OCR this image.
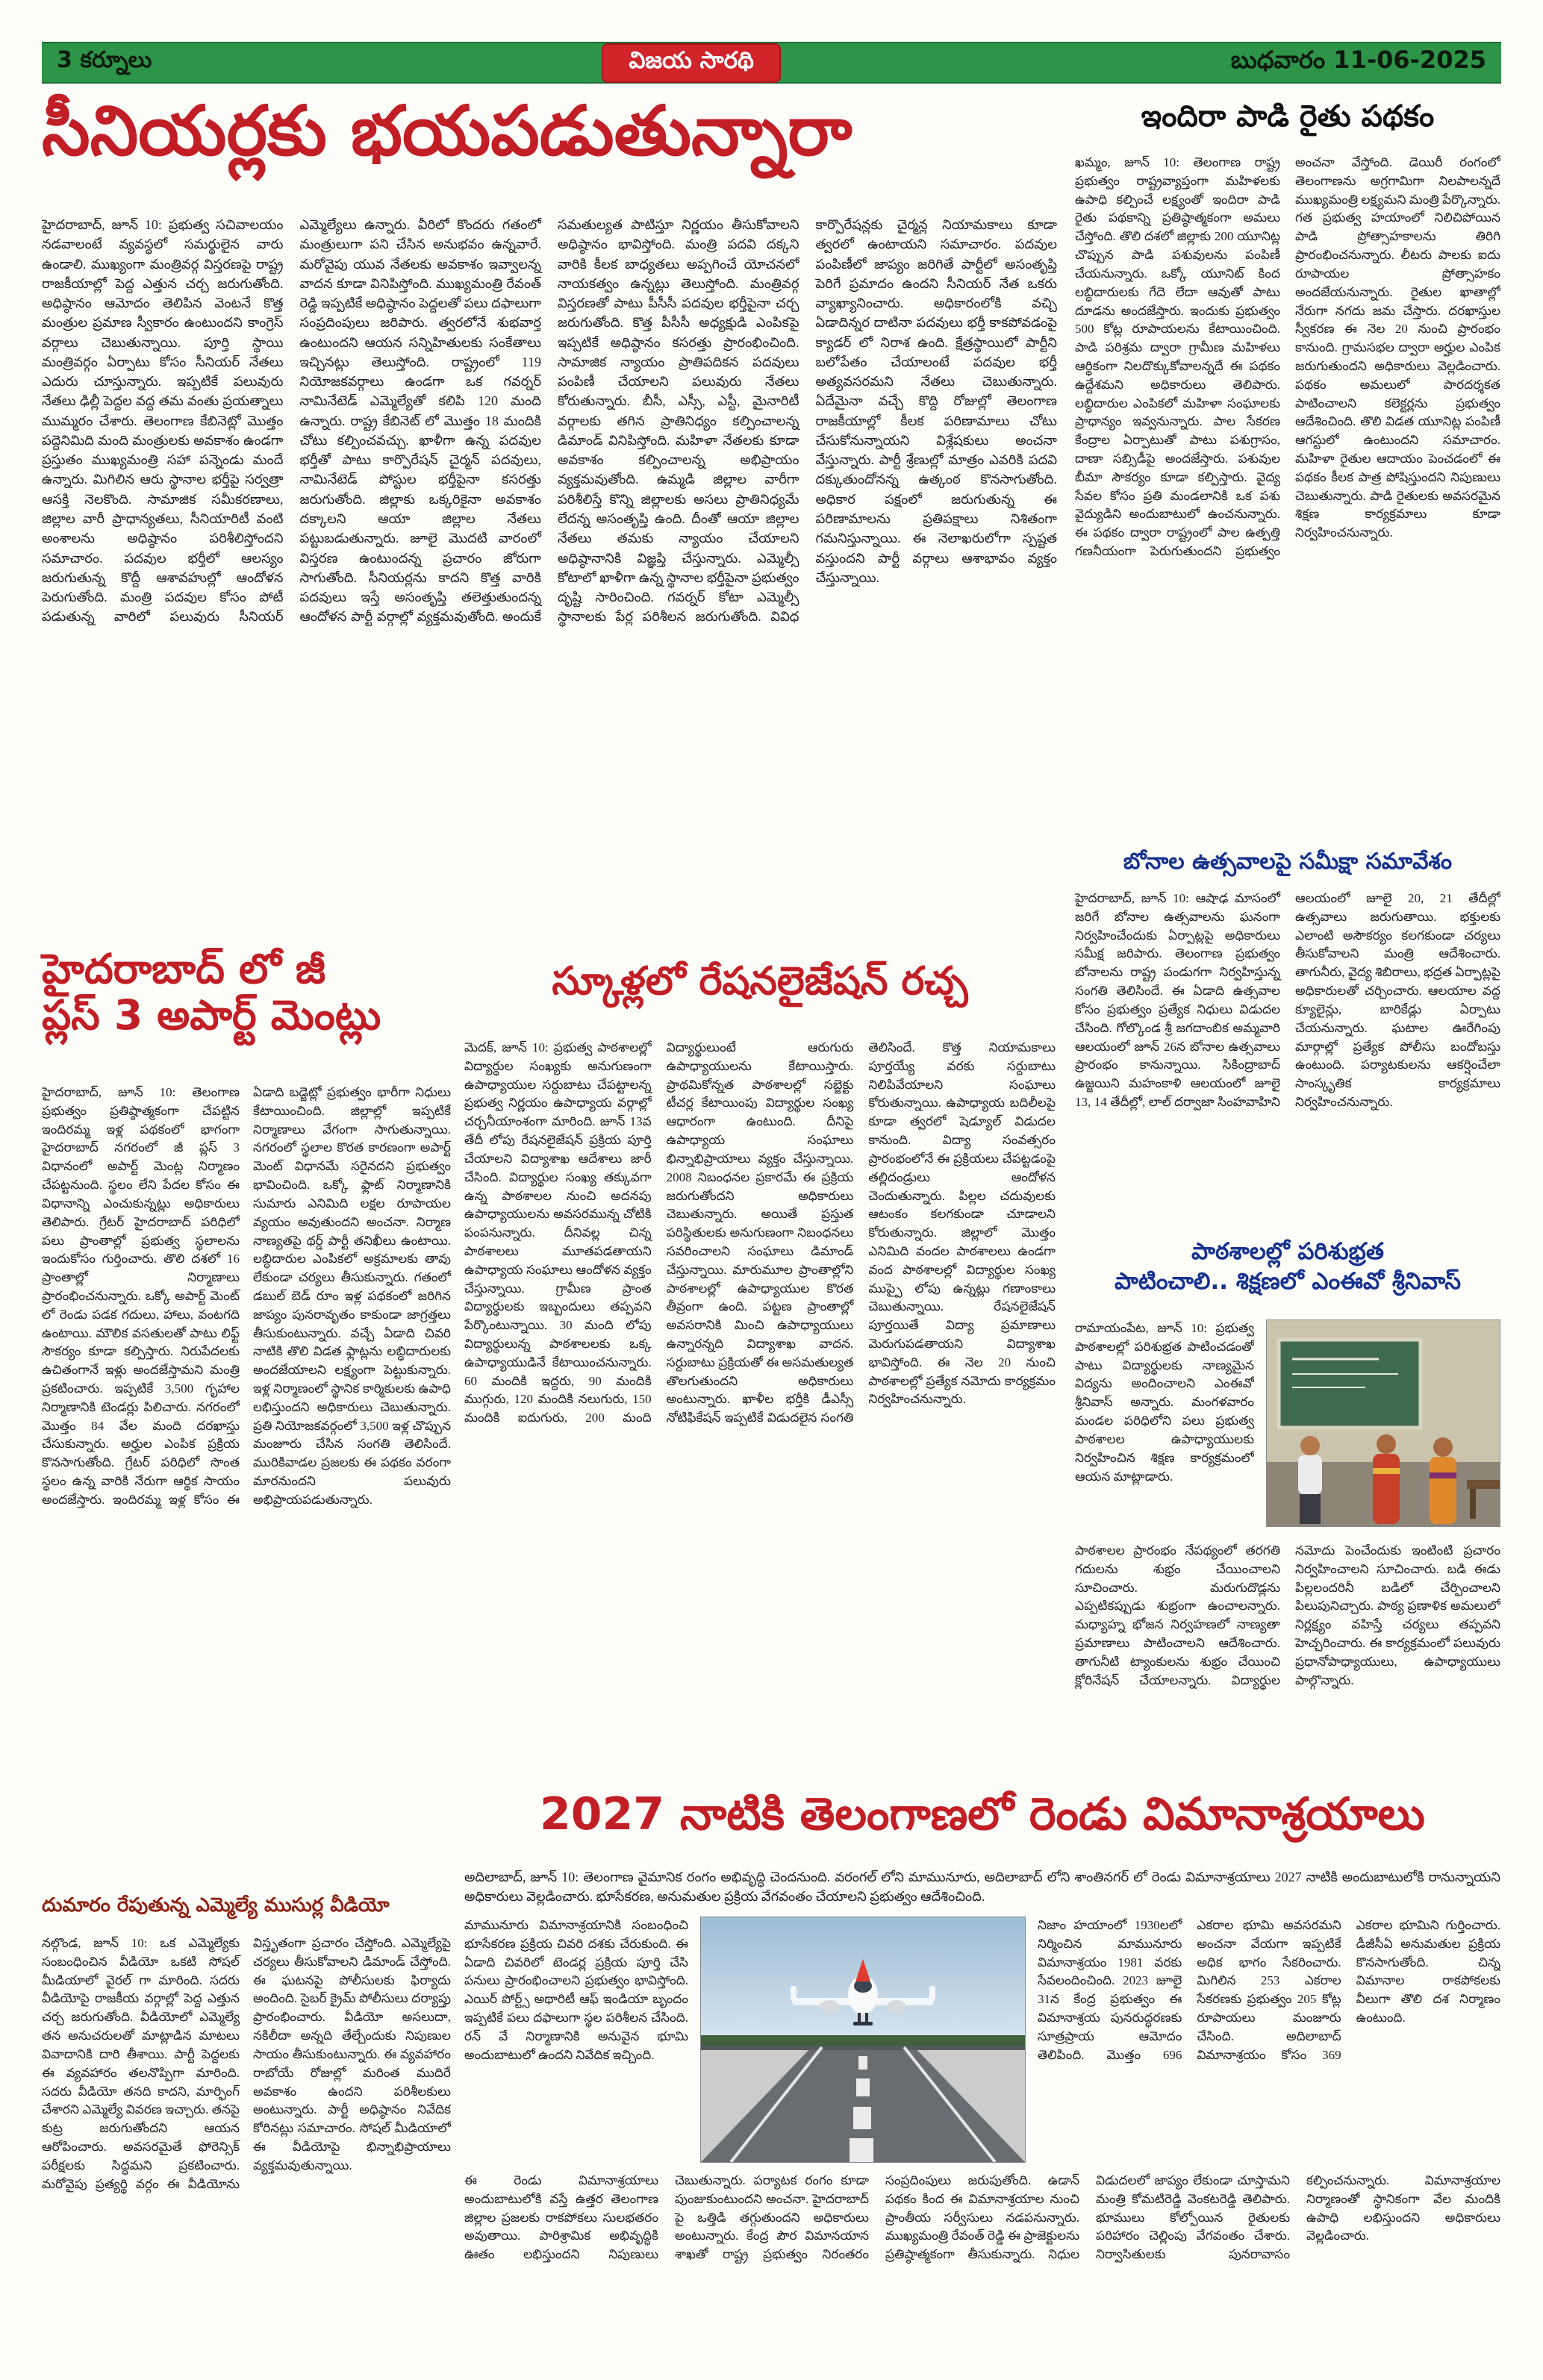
3 కర్నూలు	విజయ సారథి	బుధవారం 11-06-2025
సీనియర్లకు భయపడుతున్నారా
హైదరాబాద్, జూన్ 10: ప్రభుత్వ సచివాలయం నడవాలంటే వ్యవస్థలో సమర్థులైన వారు ఉండాలి. ముఖ్యంగా మంత్రివర్గ విస్తరణపై రాష్ట్ర రాజకీయాల్లో పెద్ద ఎత్తున చర్చ జరుగుతోంది. అధిష్ఠానం ఆమోదం తెలిపిన వెంటనే కొత్త మంత్రుల ప్రమాణ స్వీకారం ఉంటుందని కాంగ్రెస్ వర్గాలు చెబుతున్నాయి. పూర్తి స్థాయి మంత్రివర్గం ఏర్పాటు కోసం సీనియర్ నేతలు ఎదురు చూస్తున్నారు. ఇప్పటికే పలువురు నేతలు ఢిల్లీ పెద్దల వద్ద తమ వంతు ప్రయత్నాలు ముమ్మరం చేశారు. తెలంగాణ కేబినెట్లో మొత్తం పద్దెనిమిది మంది మంత్రులకు అవకాశం ఉండగా ప్రస్తుతం ముఖ్యమంత్రి సహా పన్నెండు మందే ఉన్నారు. మిగిలిన ఆరు స్థానాల భర్తీపై సర్వత్రా ఆసక్తి నెలకొంది. సామాజిక సమీకరణాలు, జిల్లాల వారీ ప్రాధాన్యతలు, సీనియారిటీ వంటి అంశాలను అధిష్ఠానం పరిశీలిస్తోందని సమాచారం. పదవుల భర్తీలో ఆలస్యం జరుగుతున్న కొద్దీ ఆశావహుల్లో ఆందోళన పెరుగుతోంది. మంత్రి పదవుల కోసం పోటీ పడుతున్న వారిలో పలువురు సీనియర్ ఎమ్మెల్యేలు ఉన్నారు. వీరిలో కొందరు గతంలో మంత్రులుగా పని చేసిన అనుభవం ఉన్నవారే. మరోవైపు యువ నేతలకు అవకాశం ఇవ్వాలన్న వాదన కూడా వినిపిస్తోంది. ముఖ్యమంత్రి రేవంత్ రెడ్డి ఇప్పటికే అధిష్ఠానం పెద్దలతో పలు దఫాలుగా సంప్రదింపులు జరిపారు. త్వరలోనే శుభవార్త ఉంటుందని ఆయన సన్నిహితులకు సంకేతాలు ఇచ్చినట్లు తెలుస్తోంది. రాష్ట్రంలో 119 నియోజకవర్గాలు ఉండగా ఒక గవర్నర్ నామినేటెడ్ ఎమ్మెల్యేతో కలిపి 120 మంది ఉన్నారు. రాష్ట్ర కేబినెట్ లో మొత్తం 18 మందికి చోటు కల్పించవచ్చు. ఖాళీగా ఉన్న పదవుల భర్తీతో పాటు కార్పొరేషన్ చైర్మన్ పదవులు, నామినేటెడ్ పోస్టుల భర్తీపైనా కసరత్తు జరుగుతోంది. జిల్లాకు ఒక్కరికైనా అవకాశం దక్కాలని ఆయా జిల్లాల నేతలు పట్టుబడుతున్నారు. జూలై మొదటి వారంలో విస్తరణ ఉంటుందన్న ప్రచారం జోరుగా సాగుతోంది. సీనియర్లను కాదని కొత్త వారికి పదవులు ఇస్తే అసంతృప్తి తలెత్తుతుందన్న ఆందోళన పార్టీ వర్గాల్లో వ్యక్తమవుతోంది. అందుకే సమతుల్యత పాటిస్తూ నిర్ణయం తీసుకోవాలని అధిష్ఠానం భావిస్తోంది. మంత్రి పదవి దక్కని వారికి కీలక బాధ్యతలు అప్పగించే యోచనలో నాయకత్వం ఉన్నట్లు తెలుస్తోంది. మంత్రివర్గ విస్తరణతో పాటు పీసీసీ పదవుల భర్తీపైనా చర్చ జరుగుతోంది. కొత్త పీసీసీ అధ్యక్షుడి ఎంపికపై ఇప్పటికే అధిష్ఠానం కసరత్తు ప్రారంభించింది. సామాజిక న్యాయం ప్రాతిపదికన పదవులు పంపిణీ చేయాలని పలువురు నేతలు కోరుతున్నారు. బీసీ, ఎస్సీ, ఎస్టీ, మైనారిటీ వర్గాలకు తగిన ప్రాతినిధ్యం కల్పించాలన్న డిమాండ్ వినిపిస్తోంది. మహిళా నేతలకు కూడా అవకాశం కల్పించాలన్న అభిప్రాయం వ్యక్తమవుతోంది. ఉమ్మడి జిల్లాల వారీగా పరిశీలిస్తే కొన్ని జిల్లాలకు అసలు ప్రాతినిధ్యమే లేదన్న అసంతృప్తి ఉంది. దీంతో ఆయా జిల్లాల నేతలు తమకు న్యాయం చేయాలని అధిష్ఠానానికి విజ్ఞప్తి చేస్తున్నారు. ఎమ్మెల్సీ కోటాలో ఖాళీగా ఉన్న స్థానాల భర్తీపైనా ప్రభుత్వం దృష్టి సారించింది. గవర్నర్ కోటా ఎమ్మెల్సీ స్థానాలకు పేర్ల పరిశీలన జరుగుతోంది. వివిధ కార్పొరేషన్లకు చైర్మన్ల నియామకాలు కూడా త్వరలో ఉంటాయని సమాచారం. పదవుల పంపిణీలో జాప్యం జరిగితే పార్టీలో అసంతృప్తి పెరిగే ప్రమాదం ఉందని సీనియర్ నేత ఒకరు వ్యాఖ్యానించారు. అధికారంలోకి వచ్చి ఏడాదిన్నర దాటినా పదవులు భర్తీ కాకపోవడంపై క్యాడర్ లో నిరాశ ఉంది. క్షేత్రస్థాయిలో పార్టీని బలోపేతం చేయాలంటే పదవుల భర్తీ అత్యవసరమని నేతలు చెబుతున్నారు. ఏదేమైనా వచ్చే కొద్ది రోజుల్లో తెలంగాణ రాజకీయాల్లో కీలక పరిణామాలు చోటు చేసుకోనున్నాయని విశ్లేషకులు అంచనా వేస్తున్నారు. పార్టీ శ్రేణుల్లో మాత్రం ఎవరికి పదవి దక్కుతుందోనన్న ఉత్కంఠ కొనసాగుతోంది. అధికార పక్షంలో జరుగుతున్న ఈ పరిణామాలను ప్రతిపక్షాలు నిశితంగా గమనిస్తున్నాయి. ఈ నెలాఖరులోగా స్పష్టత వస్తుందని పార్టీ వర్గాలు ఆశాభావం వ్యక్తం చేస్తున్నాయి.
ఇందిరా పాడి రైతు పథకం
ఖమ్మం, జూన్ 10: తెలంగాణ రాష్ట్ర ప్రభుత్వం రాష్ట్రవ్యాప్తంగా మహిళలకు ఉపాధి కల్పించే లక్ష్యంతో ఇందిరా పాడి రైతు పథకాన్ని ప్రతిష్ఠాత్మకంగా అమలు చేస్తోంది. తొలి దశలో జిల్లాకు 200 యూనిట్ల చొప్పున పాడి పశువులను పంపిణీ చేయనున్నారు. ఒక్కో యూనిట్ కింద లబ్ధిదారులకు గేదె లేదా ఆవుతో పాటు దూడను అందజేస్తారు. ఇందుకు ప్రభుత్వం 500 కోట్ల రూపాయలను కేటాయించింది. పాడి పరిశ్రమ ద్వారా గ్రామీణ మహిళలు ఆర్థికంగా నిలదొక్కుకోవాలన్నదే ఈ పథకం ఉద్దేశమని అధికారులు తెలిపారు. లబ్ధిదారుల ఎంపికలో మహిళా సంఘాలకు ప్రాధాన్యం ఇవ్వనున్నారు. పాల సేకరణ కేంద్రాల ఏర్పాటుతో పాటు పశుగ్రాసం, దాణా సబ్సిడీపై అందజేస్తారు. పశువుల బీమా సౌకర్యం కూడా కల్పిస్తారు. వైద్య సేవల కోసం ప్రతి మండలానికి ఒక పశు వైద్యుడిని అందుబాటులో ఉంచనున్నారు. ఈ పథకం ద్వారా రాష్ట్రంలో పాల ఉత్పత్తి గణనీయంగా పెరుగుతుందని ప్రభుత్వం అంచనా వేస్తోంది. డెయిరీ రంగంలో తెలంగాణను అగ్రగామిగా నిలపాలన్నదే ముఖ్యమంత్రి లక్ష్యమని మంత్రి పేర్కొన్నారు. గత ప్రభుత్వ హయాంలో నిలిచిపోయిన పాడి ప్రోత్సాహకాలను తిరిగి ప్రారంభించనున్నారు. లీటరు పాలకు ఐదు రూపాయల ప్రోత్సాహకం అందజేయనున్నారు. రైతుల ఖాతాల్లో నేరుగా నగదు జమ చేస్తారు. దరఖాస్తుల స్వీకరణ ఈ నెల 20 నుంచి ప్రారంభం కానుంది. గ్రామసభల ద్వారా అర్హుల ఎంపిక జరుగుతుందని అధికారులు వెల్లడించారు. పథకం అమలులో పారదర్శకత పాటించాలని కలెక్టర్లను ప్రభుత్వం ఆదేశించింది. తొలి విడత యూనిట్ల పంపిణీ ఆగస్టులో ఉంటుందని సమాచారం. మహిళా రైతుల ఆదాయం పెంచడంలో ఈ పథకం కీలక పాత్ర పోషిస్తుందని నిపుణులు చెబుతున్నారు. పాడి రైతులకు అవసరమైన శిక్షణ కార్యక్రమాలు కూడా నిర్వహించనున్నారు.
బోనాల ఉత్సవాలపై సమీక్షా సమావేశం
హైదరాబాద్, జూన్ 10: ఆషాఢ మాసంలో జరిగే బోనాల ఉత్సవాలను ఘనంగా నిర్వహించేందుకు ఏర్పాట్లపై అధికారులు సమీక్ష జరిపారు. తెలంగాణ ప్రభుత్వం బోనాలను రాష్ట్ర పండుగగా నిర్వహిస్తున్న సంగతి తెలిసిందే. ఈ ఏడాది ఉత్సవాల కోసం ప్రభుత్వం ప్రత్యేక నిధులు విడుదల చేసింది. గోల్కొండ శ్రీ జగదాంబిక అమ్మవారి ఆలయంలో జూన్ 26న బోనాల ఉత్సవాలు ప్రారంభం కానున్నాయి. సికింద్రాబాద్ ఉజ్జయిని మహంకాళి ఆలయంలో జూలై 13, 14 తేదీల్లో, లాల్ దర్వాజా సింహవాహిని ఆలయంలో జూలై 20, 21 తేదీల్లో ఉత్సవాలు జరుగుతాయి. భక్తులకు ఎలాంటి అసౌకర్యం కలగకుండా చర్యలు తీసుకోవాలని మంత్రి ఆదేశించారు. తాగునీరు, వైద్య శిబిరాలు, భద్రత ఏర్పాట్లపై అధికారులతో చర్చించారు. ఆలయాల వద్ద క్యూలైన్లు, బారికేడ్లు ఏర్పాటు చేయనున్నారు. ఘటాల ఊరేగింపు మార్గాల్లో ప్రత్యేక పోలీసు బందోబస్తు ఉంటుంది. పర్యాటకులను ఆకర్షించేలా సాంస్కృతిక కార్యక్రమాలు నిర్వహించనున్నారు.
పాఠశాలల్లో పరిశుభ్రత
పాటించాలి.. శిక్షణలో ఎంఈవో శ్రీనివాస్
రామాయంపేట, జూన్ 10: ప్రభుత్వ పాఠశాలల్లో పరిశుభ్రత పాటించడంతో పాటు విద్యార్థులకు నాణ్యమైన విద్యను అందించాలని ఎంఈవో శ్రీనివాస్ అన్నారు. మంగళవారం మండల పరిధిలోని పలు ప్రభుత్వ పాఠశాలల ఉపాధ్యాయులకు నిర్వహించిన శిక్షణ కార్యక్రమంలో ఆయన మాట్లాడారు.
పాఠశాలల ప్రారంభం నేపథ్యంలో తరగతి గదులను శుభ్రం చేయించాలని సూచించారు. మరుగుదొడ్లను ఎప్పటికప్పుడు శుభ్రంగా ఉంచాలన్నారు. మధ్యాహ్న భోజన నిర్వహణలో నాణ్యతా ప్రమాణాలు పాటించాలని ఆదేశించారు. తాగునీటి ట్యాంకులను శుభ్రం చేయించి క్లోరినేషన్ చేయాలన్నారు. విద్యార్థుల నమోదు పెంచేందుకు ఇంటింటి ప్రచారం నిర్వహించాలని సూచించారు. బడి ఈడు పిల్లలందరినీ బడిలో చేర్పించాలని పిలుపునిచ్చారు. పాఠ్య ప్రణాళిక అమలులో నిర్లక్ష్యం వహిస్తే చర్యలు తప్పవని హెచ్చరించారు. ఈ కార్యక్రమంలో పలువురు ప్రధానోపాధ్యాయులు, ఉపాధ్యాయులు పాల్గొన్నారు.
హైదరాబాద్ లో జీ
ప్లస్ 3 అపార్ట్ మెంట్లు
హైదరాబాద్, జూన్ 10: తెలంగాణ ప్రభుత్వం ప్రతిష్ఠాత్మకంగా చేపట్టిన ఇందిరమ్మ ఇళ్ల పథకంలో భాగంగా హైదరాబాద్ నగరంలో జీ ప్లస్ 3 విధానంలో అపార్ట్ మెంట్ల నిర్మాణం చేపట్టనుంది. స్థలం లేని పేదల కోసం ఈ విధానాన్ని ఎంచుకున్నట్లు అధికారులు తెలిపారు. గ్రేటర్ హైదరాబాద్ పరిధిలో పలు ప్రాంతాల్లో ప్రభుత్వ స్థలాలను ఇందుకోసం గుర్తించారు. తొలి దశలో 16 ప్రాంతాల్లో నిర్మాణాలు ప్రారంభించనున్నారు. ఒక్కో అపార్ట్ మెంట్ లో రెండు పడక గదులు, హాలు, వంటగది ఉంటాయి. మౌలిక వసతులతో పాటు లిఫ్ట్ సౌకర్యం కూడా కల్పిస్తారు. నిరుపేదలకు ఉచితంగానే ఇళ్లు అందజేస్తామని మంత్రి ప్రకటించారు. ఇప్పటికే 3,500 గృహాల నిర్మాణానికి టెండర్లు పిలిచారు. నగరంలో మొత్తం 84 వేల మంది దరఖాస్తు చేసుకున్నారు. అర్హుల ఎంపిక ప్రక్రియ కొనసాగుతోంది. గ్రేటర్ పరిధిలో సొంత స్థలం ఉన్న వారికి నేరుగా ఆర్థిక సాయం అందజేస్తారు. ఇందిరమ్మ ఇళ్ల కోసం ఈ ఏడాది బడ్జెట్లో ప్రభుత్వం భారీగా నిధులు కేటాయించింది. జిల్లాల్లో ఇప్పటికే నిర్మాణాలు వేగంగా సాగుతున్నాయి. నగరంలో స్థలాల కొరత కారణంగా అపార్ట్ మెంట్ విధానమే సరైనదని ప్రభుత్వం భావించింది. ఒక్కో ఫ్లాట్ నిర్మాణానికి సుమారు ఎనిమిది లక్షల రూపాయల వ్యయం అవుతుందని అంచనా. నిర్మాణ నాణ్యతపై థర్డ్ పార్టీ తనిఖీలు ఉంటాయి. లబ్ధిదారుల ఎంపికలో అక్రమాలకు తావు లేకుండా చర్యలు తీసుకున్నారు. గతంలో డబుల్ బెడ్ రూం ఇళ్ల పథకంలో జరిగిన జాప్యం పునరావృతం కాకుండా జాగ్రత్తలు తీసుకుంటున్నారు. వచ్చే ఏడాది చివరి నాటికి తొలి విడత ఫ్లాట్లను లబ్ధిదారులకు అందజేయాలని లక్ష్యంగా పెట్టుకున్నారు. ఇళ్ల నిర్మాణంలో స్థానిక కార్మికులకు ఉపాధి లభిస్తుందని అధికారులు చెబుతున్నారు. ప్రతి నియోజకవర్గంలో 3,500 ఇళ్ల చొప్పున మంజూరు చేసిన సంగతి తెలిసిందే. మురికివాడల ప్రజలకు ఈ పథకం వరంగా మారనుందని పలువురు అభిప్రాయపడుతున్నారు.
దుమారం రేపుతున్న ఎమ్మెల్యే ముసుర్ల వీడియో
నల్గొండ, జూన్ 10: ఒక ఎమ్మెల్యేకు సంబంధించిన వీడియో ఒకటి సోషల్ మీడియాలో వైరల్ గా మారింది. సదరు వీడియోపై రాజకీయ వర్గాల్లో పెద్ద ఎత్తున చర్చ జరుగుతోంది. వీడియోలో ఎమ్మెల్యే తన అనుచరులతో మాట్లాడిన మాటలు వివాదానికి దారి తీశాయి. పార్టీ పెద్దలకు ఈ వ్యవహారం తలనొప్పిగా మారింది. సదరు వీడియో తనది కాదని, మార్ఫింగ్ చేశారని ఎమ్మెల్యే వివరణ ఇచ్చారు. తనపై కుట్ర జరుగుతోందని ఆయన ఆరోపించారు. అవసరమైతే ఫోరెన్సిక్ పరీక్షలకు సిద్ధమని ప్రకటించారు. మరోవైపు ప్రత్యర్థి వర్గం ఈ వీడియోను విస్తృతంగా ప్రచారం చేస్తోంది. ఎమ్మెల్యేపై చర్యలు తీసుకోవాలని డిమాండ్ చేస్తోంది. ఈ ఘటనపై పోలీసులకు ఫిర్యాదు అందింది. సైబర్ క్రైమ్ పోలీసులు దర్యాప్తు ప్రారంభించారు. వీడియో అసలుదా, నకిలీదా అన్నది తేల్చేందుకు నిపుణుల సాయం తీసుకుంటున్నారు. ఈ వ్యవహారం రాబోయే రోజుల్లో మరింత ముదిరే అవకాశం ఉందని పరిశీలకులు అంటున్నారు. పార్టీ అధిష్ఠానం నివేదిక కోరినట్లు సమాచారం. సోషల్ మీడియాలో ఈ వీడియోపై భిన్నాభిప్రాయాలు వ్యక్తమవుతున్నాయి.
స్కూళ్లలో రేషనలైజేషన్ రచ్చ
మెదక్, జూన్ 10: ప్రభుత్వ పాఠశాలల్లో విద్యార్థుల సంఖ్యకు అనుగుణంగా ఉపాధ్యాయుల సర్దుబాటు చేపట్టాలన్న ప్రభుత్వ నిర్ణయం ఉపాధ్యాయ వర్గాల్లో చర్చనీయాంశంగా మారింది. జూన్ 13వ తేదీ లోపు రేషనలైజేషన్ ప్రక్రియ పూర్తి చేయాలని విద్యాశాఖ ఆదేశాలు జారీ చేసింది. విద్యార్థుల సంఖ్య తక్కువగా ఉన్న పాఠశాలల నుంచి అదనపు ఉపాధ్యాయులను అవసరమున్న చోటికి పంపనున్నారు. దీనివల్ల చిన్న పాఠశాలలు మూతపడతాయని ఉపాధ్యాయ సంఘాలు ఆందోళన వ్యక్తం చేస్తున్నాయి. గ్రామీణ ప్రాంత విద్యార్థులకు ఇబ్బందులు తప్పవని పేర్కొంటున్నాయి. 30 మంది లోపు విద్యార్థులున్న పాఠశాలలకు ఒక్క ఉపాధ్యాయుడినే కేటాయించనున్నారు. 60 మందికి ఇద్దరు, 90 మందికి ముగ్గురు, 120 మందికి నలుగురు, 150 మందికి ఐదుగురు, 200 మంది విద్యార్థులుంటే ఆరుగురు ఉపాధ్యాయులను కేటాయిస్తారు. ప్రాథమికోన్నత పాఠశాలల్లో సబ్జెక్టు టీచర్ల కేటాయింపు విద్యార్థుల సంఖ్య ఆధారంగా ఉంటుంది. దీనిపై ఉపాధ్యాయ సంఘాలు భిన్నాభిప్రాయాలు వ్యక్తం చేస్తున్నాయి. 2008 నిబంధనల ప్రకారమే ఈ ప్రక్రియ జరుగుతోందని అధికారులు చెబుతున్నారు. అయితే ప్రస్తుత పరిస్థితులకు అనుగుణంగా నిబంధనలు సవరించాలని సంఘాలు డిమాండ్ చేస్తున్నాయి. మారుమూల ప్రాంతాల్లోని పాఠశాలల్లో ఉపాధ్యాయుల కొరత తీవ్రంగా ఉంది. పట్టణ ప్రాంతాల్లో అవసరానికి మించి ఉపాధ్యాయులు ఉన్నారన్నది విద్యాశాఖ వాదన. సర్దుబాటు ప్రక్రియతో ఈ అసమతుల్యత తొలగుతుందని అధికారులు అంటున్నారు. ఖాళీల భర్తీకి డీఎస్సీ నోటిఫికేషన్ ఇప్పటికే విడుదలైన సంగతి తెలిసిందే. కొత్త నియామకాలు పూర్తయ్యే వరకు సర్దుబాటు నిలిపివేయాలని సంఘాలు కోరుతున్నాయి. ఉపాధ్యాయ బదిలీలపై కూడా త్వరలో షెడ్యూల్ విడుదల కానుంది. విద్యా సంవత్సరం ప్రారంభంలోనే ఈ ప్రక్రియలు చేపట్టడంపై తల్లిదండ్రులు ఆందోళన చెందుతున్నారు. పిల్లల చదువులకు ఆటంకం కలగకుండా చూడాలని కోరుతున్నారు. జిల్లాలో మొత్తం ఎనిమిది వందల పాఠశాలలు ఉండగా వంద పాఠశాలల్లో విద్యార్థుల సంఖ్య ముప్పై లోపు ఉన్నట్లు గణాంకాలు చెబుతున్నాయి. రేషనలైజేషన్ పూర్తయితే విద్యా ప్రమాణాలు మెరుగుపడతాయని విద్యాశాఖ భావిస్తోంది. ఈ నెల 20 నుంచి పాఠశాలల్లో ప్రత్యేక నమోదు కార్యక్రమం నిర్వహించనున్నారు.
2027 నాటికి తెలంగాణలో రెండు విమానాశ్రయాలు
అదిలాబాద్, జూన్ 10: తెలంగాణ వైమానిక రంగం అభివృద్ధి చెందనుంది. వరంగల్ లోని మామునూరు, అదిలాబాద్ లోని శాంతినగర్ లో రెండు విమానాశ్రయాలు 2027 నాటికి అందుబాటులోకి రానున్నాయని అధికారులు వెల్లడించారు. భూసేకరణ, అనుమతుల ప్రక్రియ వేగవంతం చేయాలని ప్రభుత్వం ఆదేశించింది.
మామునూరు విమానాశ్రయానికి సంబంధించి భూసేకరణ ప్రక్రియ చివరి దశకు చేరుకుంది. ఈ ఏడాది చివరిలో టెండర్ల ప్రక్రియ పూర్తి చేసి పనులు ప్రారంభించాలని ప్రభుత్వం భావిస్తోంది. ఎయిర్ పోర్ట్స్ అథారిటీ ఆఫ్ ఇండియా బృందం ఇప్పటికే పలు దఫాలుగా స్థల పరిశీలన చేసింది. రన్ వే నిర్మాణానికి అనువైన భూమి అందుబాటులో ఉందని నివేదిక ఇచ్చింది.
నిజాం హయాంలో 1930లలో నిర్మించిన మామునూరు విమానాశ్రయం 1981 వరకు సేవలందించింది. 2023 జూలై 31న కేంద్ర ప్రభుత్వం ఈ విమానాశ్రయ పునరుద్ధరణకు సూత్రప్రాయ ఆమోదం తెలిపింది. మొత్తం 696 ఎకరాల భూమి అవసరమని అంచనా వేయగా ఇప్పటికే అధిక భాగం సేకరించారు. మిగిలిన 253 ఎకరాల సేకరణకు ప్రభుత్వం 205 కోట్ల రూపాయలు మంజూరు చేసింది. అదిలాబాద్ విమానాశ్రయం కోసం 369 ఎకరాల భూమిని గుర్తించారు. డీజీసీఏ అనుమతుల ప్రక్రియ కొనసాగుతోంది. చిన్న విమానాల రాకపోకలకు వీలుగా తొలి దశ నిర్మాణం ఉంటుంది.
ఈ రెండు విమానాశ్రయాలు అందుబాటులోకి వస్తే ఉత్తర తెలంగాణ జిల్లాల ప్రజలకు రాకపోకలు సులభతరం అవుతాయి. పారిశ్రామిక అభివృద్ధికి ఊతం లభిస్తుందని నిపుణులు చెబుతున్నారు. పర్యాటక రంగం కూడా పుంజుకుంటుందని అంచనా. హైదరాబాద్ పై ఒత్తిడి తగ్గుతుందని అధికారులు అంటున్నారు. కేంద్ర పౌర విమానయాన శాఖతో రాష్ట్ర ప్రభుత్వం నిరంతరం సంప్రదింపులు జరుపుతోంది. ఉడాన్ పథకం కింద ఈ విమానాశ్రయాల నుంచి ప్రాంతీయ సర్వీసులు నడపనున్నారు. ముఖ్యమంత్రి రేవంత్ రెడ్డి ఈ ప్రాజెక్టులను ప్రతిష్ఠాత్మకంగా తీసుకున్నారు. నిధుల విడుదలలో జాప్యం లేకుండా చూస్తామని మంత్రి కోమటిరెడ్డి వెంకటరెడ్డి తెలిపారు. భూములు కోల్పోయిన రైతులకు పరిహారం చెల్లింపు వేగవంతం చేశారు. నిర్వాసితులకు పునరావాసం కల్పించనున్నారు. విమానాశ్రయాల నిర్మాణంతో స్థానికంగా వేల మందికి ఉపాధి లభిస్తుందని అధికారులు వెల్లడించారు.
